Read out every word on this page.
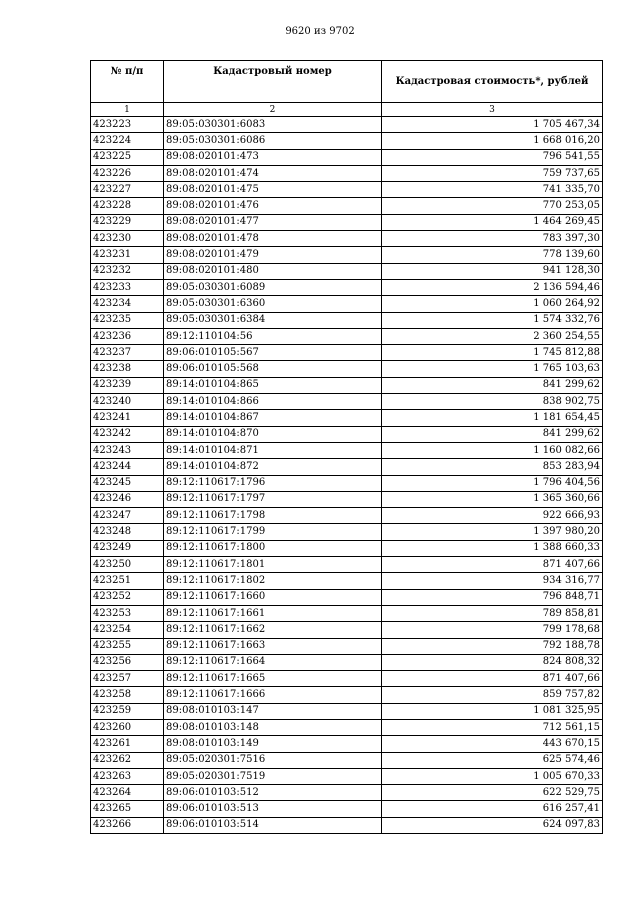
9620 из 9702
№ п/п	Кадастровый номер	Кадастровая стоимость*, рублей
1	2	3
423223	89:05:030301:6083	1 705 467,34
423224	89:05:030301:6086	1 668 016,20
423225	89:08:020101:473	796 541,55
423226	89:08:020101:474	759 737,65
423227	89:08:020101:475	741 335,70
423228	89:08:020101:476	770 253,05
423229	89:08:020101:477	1 464 269,45
423230	89:08:020101:478	783 397,30
423231	89:08:020101:479	778 139,60
423232	89:08:020101:480	941 128,30
423233	89:05:030301:6089	2 136 594,46
423234	89:05:030301:6360	1 060 264,92
423235	89:05:030301:6384	1 574 332,76
423236	89:12:110104:56	2 360 254,55
423237	89:06:010105:567	1 745 812,88
423238	89:06:010105:568	1 765 103,63
423239	89:14:010104:865	841 299,62
423240	89:14:010104:866	838 902,75
423241	89:14:010104:867	1 181 654,45
423242	89:14:010104:870	841 299,62
423243	89:14:010104:871	1 160 082,66
423244	89:14:010104:872	853 283,94
423245	89:12:110617:1796	1 796 404,56
423246	89:12:110617:1797	1 365 360,66
423247	89:12:110617:1798	922 666,93
423248	89:12:110617:1799	1 397 980,20
423249	89:12:110617:1800	1 388 660,33
423250	89:12:110617:1801	871 407,66
423251	89:12:110617:1802	934 316,77
423252	89:12:110617:1660	796 848,71
423253	89:12:110617:1661	789 858,81
423254	89:12:110617:1662	799 178,68
423255	89:12:110617:1663	792 188,78
423256	89:12:110617:1664	824 808,32
423257	89:12:110617:1665	871 407,66
423258	89:12:110617:1666	859 757,82
423259	89:08:010103:147	1 081 325,95
423260	89:08:010103:148	712 561,15
423261	89:08:010103:149	443 670,15
423262	89:05:020301:7516	625 574,46
423263	89:05:020301:7519	1 005 670,33
423264	89:06:010103:512	622 529,75
423265	89:06:010103:513	616 257,41
423266	89:06:010103:514	624 097,83
